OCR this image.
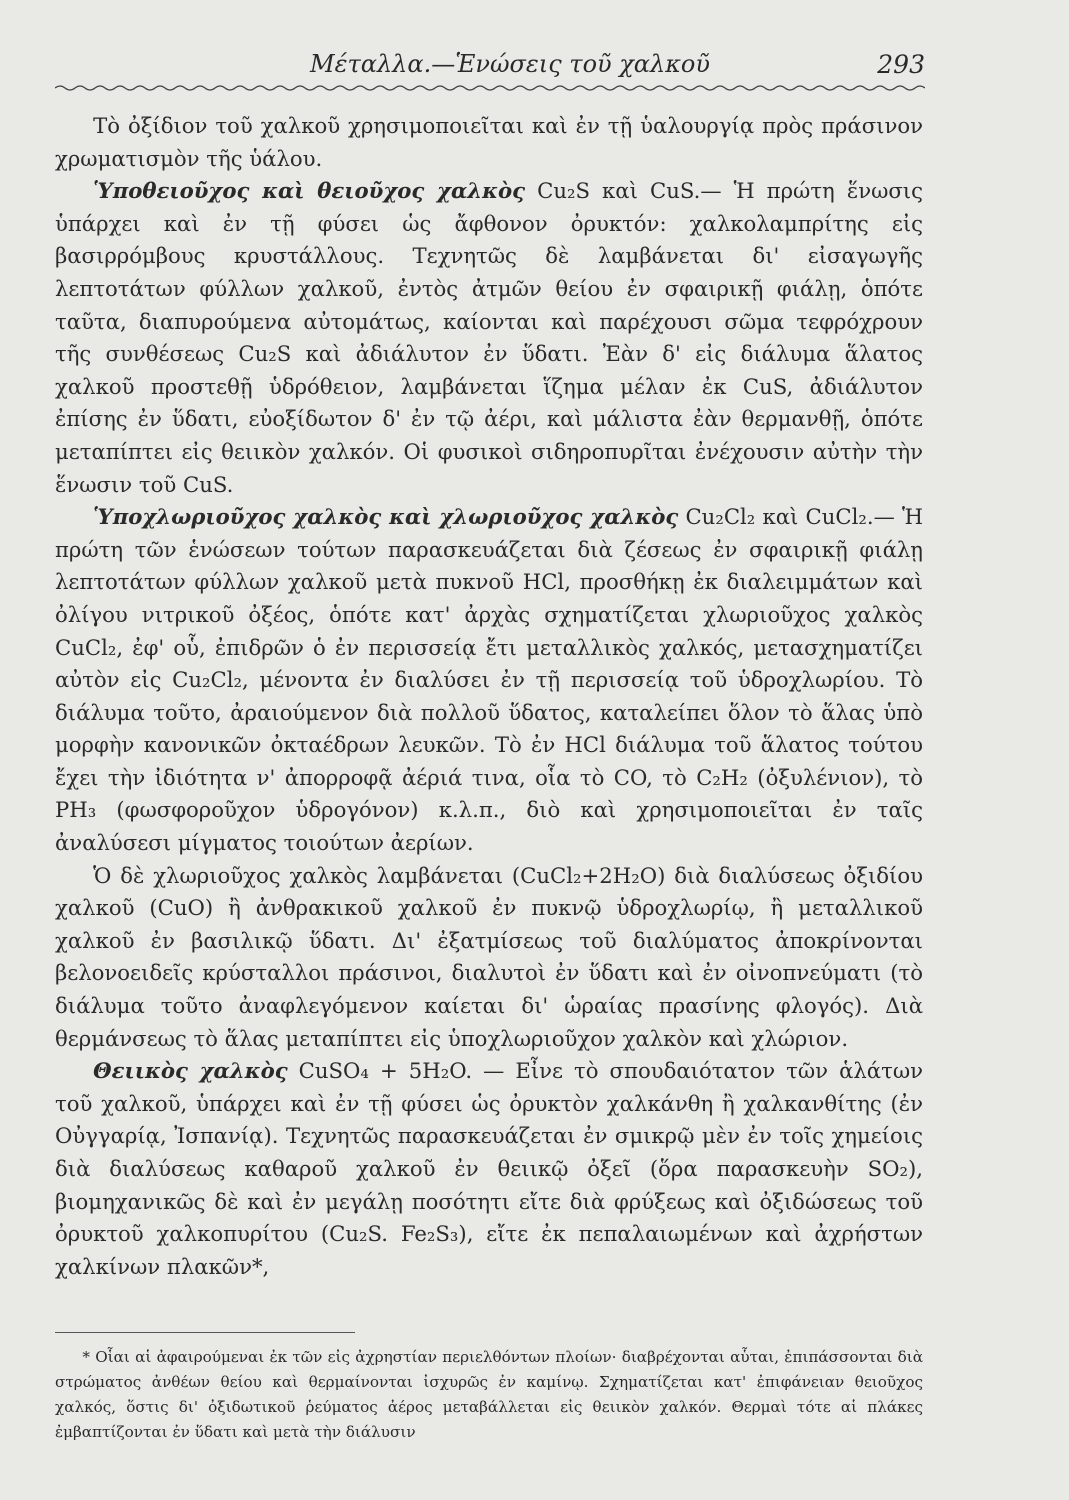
Μέταλλα.—Ἑνώσεις τοῦ χαλκοῦ	293

Τὸ ὀξίδιον τοῦ χαλκοῦ χρησιμοποιεῖται καὶ ἐν τῇ ὑαλουργίᾳ πρὸς πράσινον χρωματισμὸν τῆς ὑάλου.

Ὑποθειοῦχος καὶ θειοῦχος χαλκὸς Cu₂S καὶ CuS.— Ἡ πρώτη ἕνωσις ὑπάρχει καὶ ἐν τῇ φύσει ὡς ἄφθονον ὀρυκτόν: χαλκολαμπρίτης εἰς βασιρρόμβους κρυστάλλους. Τεχνητῶς δὲ λαμβάνεται δι' εἰσαγωγῆς λεπτοτάτων φύλλων χαλκοῦ, ἐντὸς ἀτμῶν θείου ἐν σφαιρικῇ φιάλῃ, ὁπότε ταῦτα, διαπυρούμενα αὐτομάτως, καίονται καὶ παρέχουσι σῶμα τεφρόχρουν τῆς συνθέσεως Cu₂S καὶ ἀδιάλυτον ἐν ὕδατι. Ἐὰν δ' εἰς διάλυμα ἅλατος χαλκοῦ προστεθῇ ὑδρόθειον, λαμβάνεται ἵζημα μέλαν ἐκ CuS, ἀδιάλυτον ἐπίσης ἐν ὕδατι, εὐοξίδωτον δ' ἐν τῷ ἀέρι, καὶ μάλιστα ἐὰν θερμανθῇ, ὁπότε μεταπίπτει εἰς θειικὸν χαλκόν. Οἱ φυσικοὶ σιδηροπυρῖται ἐνέχουσιν αὐτὴν τὴν ἕνωσιν τοῦ CuS.

Ὑποχλωριοῦχος χαλκὸς καὶ χλωριοῦχος χαλκὸς Cu₂Cl₂ καὶ CuCl₂.— Ἡ πρώτη τῶν ἑνώσεων τούτων παρασκευάζεται διὰ ζέσεως ἐν σφαιρικῇ φιάλῃ λεπτοτάτων φύλλων χαλκοῦ μετὰ πυκνοῦ HCl, προσθήκῃ ἐκ διαλειμμάτων καὶ ὀλίγου νιτρικοῦ ὀξέος, ὁπότε κατ' ἀρχὰς σχηματίζεται χλωριοῦχος χαλκὸς CuCl₂, ἐφ' οὗ, ἐπιδρῶν ὁ ἐν περισσείᾳ ἔτι μεταλλικὸς χαλκός, μετασχηματίζει αὐτὸν εἰς Cu₂Cl₂, μένοντα ἐν διαλύσει ἐν τῇ περισσείᾳ τοῦ ὑδροχλωρίου. Τὸ διάλυμα τοῦτο, ἀραιούμενον διὰ πολλοῦ ὕδατος, καταλείπει ὅλον τὸ ἅλας ὑπὸ μορφὴν κανονικῶν ὀκταέδρων λευκῶν. Τὸ ἐν HCl διάλυμα τοῦ ἅλατος τούτου ἔχει τὴν ἰδιότητα ν' ἀπορροφᾷ ἀέριά τινα, οἷα τὸ CO, τὸ C₂H₂ (ὀξυλένιον), τὸ PH₃ (φωσφοροῦχον ὑδρογόνον) κ.λ.π., διὸ καὶ χρησιμοποιεῖται ἐν ταῖς ἀναλύσεσι μίγματος τοιούτων ἀερίων.

Ὁ δὲ χλωριοῦχος χαλκὸς λαμβάνεται (CuCl₂+2H₂O) διὰ διαλύσεως ὀξιδίου χαλκοῦ (CuO) ἢ ἀνθρακικοῦ χαλκοῦ ἐν πυκνῷ ὑδροχλωρίῳ, ἢ μεταλλικοῦ χαλκοῦ ἐν βασιλικῷ ὕδατι. Δι' ἐξατμίσεως τοῦ διαλύματος ἀποκρίνονται βελονοειδεῖς κρύσταλλοι πράσινοι, διαλυτοὶ ἐν ὕδατι καὶ ἐν οἰνοπνεύματι (τὸ διάλυμα τοῦτο ἀναφλεγόμενον καίεται δι' ὡραίας πρασίνης φλογός). Διὰ θερμάνσεως τὸ ἅλας μεταπίπτει εἰς ὑποχλωριοῦχον χαλκὸν καὶ χλώριον.

Θειικὸς χαλκὸς CuSO₄ + 5H₂O. — Εἶνε τὸ σπουδαιότατον τῶν ἁλάτων τοῦ χαλκοῦ, ὑπάρχει καὶ ἐν τῇ φύσει ὡς ὀρυκτὸν χαλκάνθη ἢ χαλκανθίτης (ἐν Οὐγγαρίᾳ, Ἰσπανίᾳ). Τεχνητῶς παρασκευάζεται ἐν σμικρῷ μὲν ἐν τοῖς χημείοις διὰ διαλύσεως καθαροῦ χαλκοῦ ἐν θειικῷ ὀξεῖ (ὅρα παρασκευὴν SO₂), βιομηχανικῶς δὲ καὶ ἐν μεγάλῃ ποσότητι εἴτε διὰ φρύξεως καὶ ὀξιδώσεως τοῦ ὀρυκτοῦ χαλκοπυρίτου (Cu₂S. Fe₂S₃), εἴτε ἐκ πεπαλαιωμένων καὶ ἀχρήστων χαλκίνων πλακῶν*,

* Οἷαι αἱ ἀφαιρούμεναι ἐκ τῶν εἰς ἀχρηστίαν περιελθόντων πλοίων· διαβρέχονται αὗται, ἐπιπάσσονται διὰ στρώματος ἀνθέων θείου καὶ θερμαίνονται ἰσχυρῶς ἐν καμίνῳ. Σχηματίζεται κατ' ἐπιφάνειαν θειοῦχος χαλκός, ὅστις δι' ὀξιδωτικοῦ ῥεύματος ἀέρος μεταβάλλεται εἰς θειικὸν χαλκόν. Θερμαὶ τότε αἱ πλάκες ἐμβαπτίζονται ἐν ὕδατι καὶ μετὰ τὴν διάλυσιν
